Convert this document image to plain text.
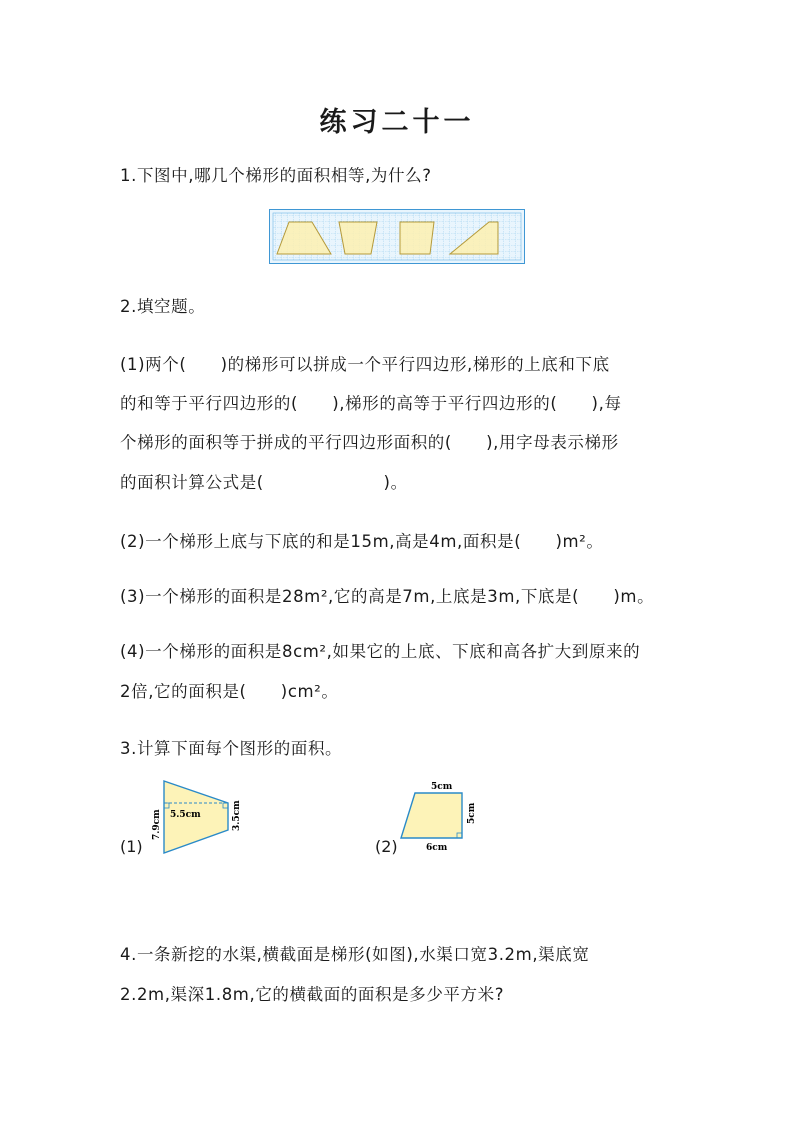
练习二十一
1.下图中,哪几个梯形的面积相等,为什么?
2.填空题。
(1)两个(　　)的梯形可以拼成一个平行四边形,梯形的上底和下底
的和等于平行四边形的(　　),梯形的高等于平行四边形的(　　),每
个梯形的面积等于拼成的平行四边形面积的(　　),用字母表示梯形
的面积计算公式是(　　　　　　　)。
(2)一个梯形上底与下底的和是15m,高是4m,面积是(　　)m²。
(3)一个梯形的面积是28m²,它的高是7m,上底是3m,下底是(　　)m。
(4)一个梯形的面积是8cm²,如果它的上底、下底和高各扩大到原来的
2倍,它的面积是(　　)cm²。
3.计算下面每个图形的面积。
(1)
7.9cm 5.5cm	3.5cm
(2)
5cm
5cm
6cm
4.一条新挖的水渠,横截面是梯形(如图),水渠口宽3.2m,渠底宽
2.2m,渠深1.8m,它的横截面的面积是多少平方米?
